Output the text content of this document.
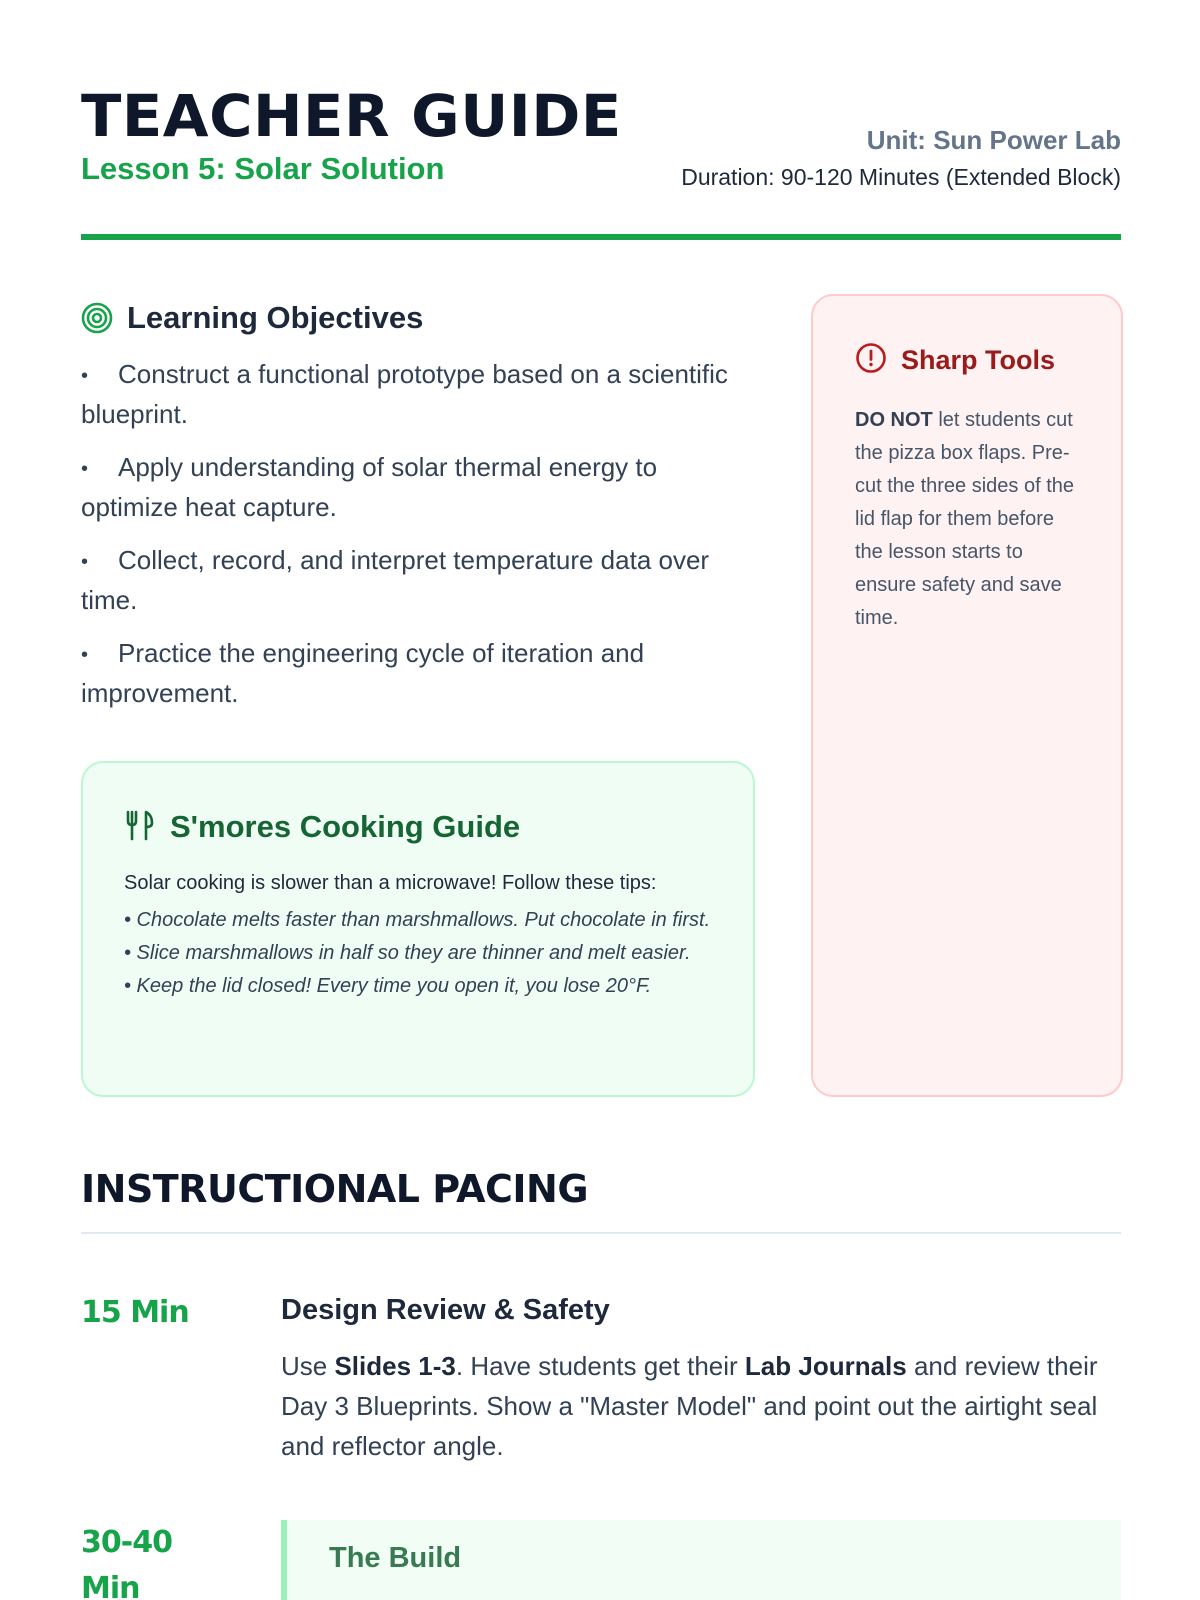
TEACHER GUIDE
Lesson 5: Solar Solution
Unit: Sun Power Lab
Duration: 90-120 Minutes (Extended Block)
Learning Objectives
• Construct a functional prototype based on a scientific blueprint.
• Apply understanding of solar thermal energy to optimize heat capture.
• Collect, record, and interpret temperature data over time.
• Practice the engineering cycle of iteration and improvement.
S'mores Cooking Guide

Solar cooking is slower than a microwave! Follow these tips:

• Chocolate melts faster than marshmallows. Put chocolate in first.
• Slice marshmallows in half so they are thinner and melt easier.
• Keep the lid closed! Every time you open it, you lose 20°F.
Sharp Tools

DO NOT let students cut the pizza box flaps. Pre-cut the three sides of the lid flap for them before the lesson starts to ensure safety and save time.

INSTRUCTIONAL PACING
15 Min	Design Review & Safety

Use Slides 1-3. Have students get their Lab Journals and review their Day 3 Blueprints. Show a "Master Model" and point out the airtight seal and reflector angle.

30-40 Min
The Build
